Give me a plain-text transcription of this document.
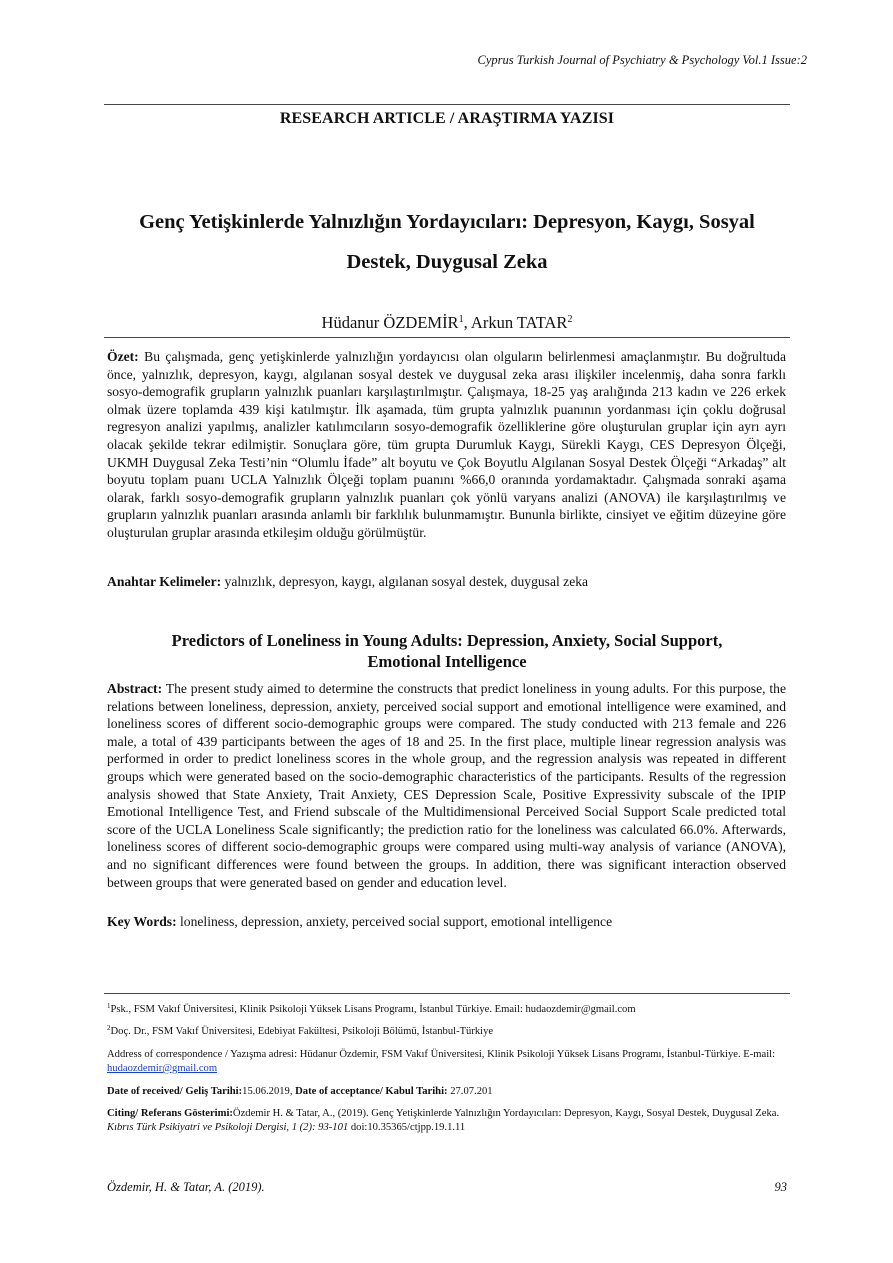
Cyprus Turkish Journal of Psychiatry & Psychology Vol.1 Issue:2
RESEARCH ARTICLE / ARAŞTIRMA YAZISI
Genç Yetişkinlerde Yalnızlığın Yordayıcıları: Depresyon, Kaygı, Sosyal
Destek, Duygusal Zeka
Hüdanur ÖZDEMİR$^1$, Arkun TATAR$^2$
Özet: Bu çalışmada, genç yetişkinlerde yalnızlığın yordayıcısı olan olguların belirlenmesi amaçlanmıştır. Bu doğrultuda önce, yalnızlık, depresyon, kaygı, algılanan sosyal destek ve duygusal zeka arası ilişkiler incelenmiş, daha sonra farklı sosyo-demografik grupların yalnızlık puanları karşılaştırılmıştır. Çalışmaya, 18-25 yaş aralığında 213 kadın ve 226 erkek olmak üzere toplamda 439 kişi katılmıştır. İlk aşamada, tüm grupta yalnızlık puanının yordanması için çoklu doğrusal regresyon analizi yapılmış, analizler katılımcıların sosyo-demografik özelliklerine göre oluşturulan gruplar için ayrı ayrı olacak şekilde tekrar edilmiştir. Sonuçlara göre, tüm grupta Durumluk Kaygı, Sürekli Kaygı, CES Depresyon Ölçeği, UKMH Duygusal Zeka Testi’nin “Olumlu İfade” alt boyutu ve Çok Boyutlu Algılanan Sosyal Destek Ölçeği “Arkadaş” alt boyutu toplam puanı UCLA Yalnızlık Ölçeği toplam puanını %66,0 oranında yordamaktadır. Çalışmada sonraki aşama olarak, farklı sosyo-demografik grupların yalnızlık puanları çok yönlü varyans analizi (ANOVA) ile karşılaştırılmış ve grupların yalnızlık puanları arasında anlamlı bir farklılık bulunmamıştır. Bununla birlikte, cinsiyet ve eğitim düzeyine göre oluşturulan gruplar arasında etkileşim olduğu görülmüştür.
Anahtar Kelimeler: yalnızlık, depresyon, kaygı, algılanan sosyal destek, duygusal zeka
Predictors of Loneliness in Young Adults: Depression, Anxiety, Social Support,
Emotional Intelligence
Abstract: The present study aimed to determine the constructs that predict loneliness in young adults. For this purpose, the relations between loneliness, depression, anxiety, perceived social support and emotional intelligence were examined, and loneliness scores of different socio-demographic groups were compared. The study conducted with 213 female and 226 male, a total of 439 participants between the ages of 18 and 25. In the first place, multiple linear regression analysis was performed in order to predict loneliness scores in the whole group, and the regression analysis was repeated in different groups which were generated based on the socio-demographic characteristics of the participants. Results of the regression analysis showed that State Anxiety, Trait Anxiety, CES Depression Scale, Positive Expressivity subscale of the IPIP Emotional Intelligence Test, and Friend subscale of the Multidimensional Perceived Social Support Scale predicted total score of the UCLA Loneliness Scale significantly; the prediction ratio for the loneliness was calculated 66.0%. Afterwards, loneliness scores of different socio-demographic groups were compared using multi-way analysis of variance (ANOVA), and no significant differences were found between the groups. In addition, there was significant interaction observed between groups that were generated based on gender and education level.
Key Words: loneliness, depression, anxiety, perceived social support, emotional intelligence
$^1$Psk., FSM Vakıf Üniversitesi, Klinik Psikoloji Yüksek Lisans Programı, İstanbul Türkiye. Email: hudaozdemir@gmail.com
$^2$Doç. Dr., FSM Vakıf Üniversitesi, Edebiyat Fakültesi, Psikoloji Bölümü, İstanbul-Türkiye
Address of correspondence / Yazışma adresi: Hüdanur Özdemir, FSM Vakıf Üniversitesi, Klinik Psikoloji Yüksek Lisans Programı, İstanbul-Türkiye. E-mail: hudaozdemir@gmail.com
Date of received/ Geliş Tarihi:15.06.2019, Date of acceptance/ Kabul Tarihi: 27.07.201
Citing/ Referans Gösterimi:Özdemir H. & Tatar, A., (2019). Genç Yetişkinlerde Yalnızlığın Yordayıcıları: Depresyon, Kaygı, Sosyal Destek, Duygusal Zeka. Kıbrıs Türk Psikiyatri ve Psikoloji Dergisi, 1 (2): 93-101 doi:10.35365/ctjpp.19.1.11
Özdemir, H. & Tatar, A. (2019).	93
